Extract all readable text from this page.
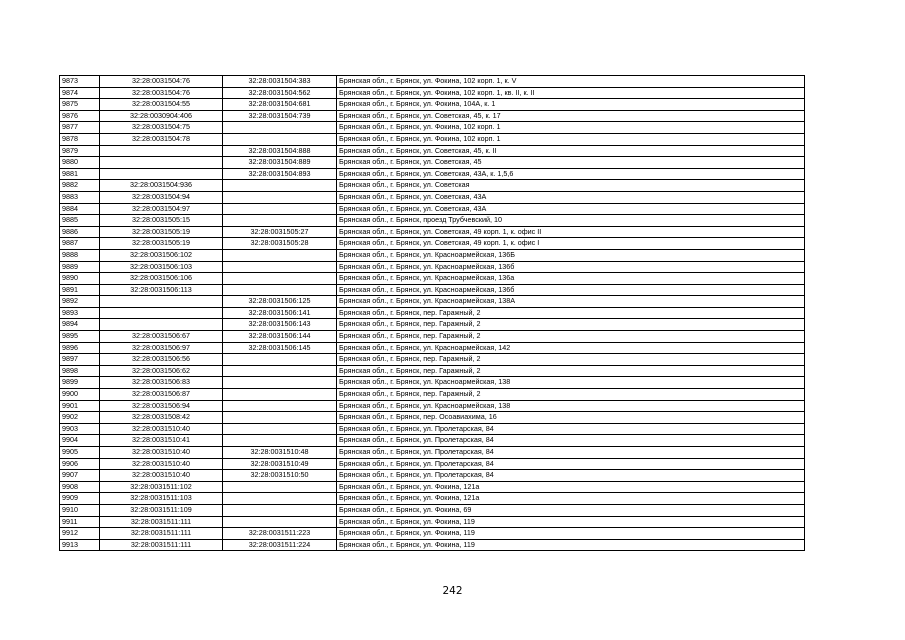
9873	32:28:0031504:76	32:28:0031504:383	Брянская обл., г. Брянск, ул. Фокина, 102 корп. 1, к. V
9874	32:28:0031504:76	32:28:0031504:562	Брянская обл., г. Брянск, ул. Фокина, 102 корп. 1, кв. II, к. II
9875	32:28:0031504:55	32:28:0031504:681	Брянская обл., г. Брянск, ул. Фокина, 104А, к. 1
9876	32:28:0030904:406	32:28:0031504:739	Брянская обл., г. Брянск, ул. Советская, 45, к. 17
9877	32:28:0031504:75		Брянская обл., г. Брянск, ул. Фокина, 102 корп. 1
9878	32:28:0031504:78		Брянская обл., г. Брянск, ул. Фокина, 102 корп. 1
9879		32:28:0031504:888	Брянская обл., г. Брянск, ул. Советская, 45, к. II
9880		32:28:0031504:889	Брянская обл., г. Брянск, ул. Советская, 45
9881		32:28:0031504:893	Брянская обл., г. Брянск, ул. Советская, 43А, к. 1,5,6
9882	32:28:0031504:936		Брянская обл., г. Брянск, ул. Советская
9883	32:28:0031504:94		Брянская обл., г. Брянск, ул. Советская, 43А
9884	32:28:0031504:97		Брянская обл., г. Брянск, ул. Советская, 43А
9885	32:28:0031505:15		Брянская обл., г. Брянск, проезд Трубчевский, 10
9886	32:28:0031505:19	32:28:0031505:27	Брянская обл., г. Брянск, ул. Советская, 49 корп. 1, к. офис II
9887	32:28:0031505:19	32:28:0031505:28	Брянская обл., г. Брянск, ул. Советская, 49 корп. 1, к. офис I
9888	32:28:0031506:102		Брянская обл., г. Брянск, ул. Красноармейская, 136Б
9889	32:28:0031506:103		Брянская обл., г. Брянск, ул. Красноармейская, 136б
9890	32:28:0031506:106		Брянская обл., г. Брянск, ул. Красноармейская, 136а
9891	32:28:0031506:113		Брянская обл., г. Брянск, ул. Красноармейская, 136б
9892		32:28:0031506:125	Брянская обл., г. Брянск, ул. Красноармейская, 138А
9893		32:28:0031506:141	Брянская обл., г. Брянск, пер. Гаражный, 2
9894		32:28:0031506:143	Брянская обл., г. Брянск, пер. Гаражный, 2
9895	32:28:0031506:67	32:28:0031506:144	Брянская обл., г. Брянск, пер. Гаражный, 2
9896	32:28:0031506:97	32:28:0031506:145	Брянская обл., г. Брянск, ул. Красноармейская, 142
9897	32:28:0031506:56		Брянская обл., г. Брянск, пер. Гаражный, 2
9898	32:28:0031506:62		Брянская обл., г. Брянск, пер. Гаражный, 2
9899	32:28:0031506:83		Брянская обл., г. Брянск, ул. Красноармейская, 138
9900	32:28:0031506:87		Брянская обл., г. Брянск, пер. Гаражный, 2
9901	32:28:0031506:94		Брянская обл., г. Брянск, ул. Красноармейская, 138
9902	32:28:0031508:42		Брянская обл., г. Брянск, пер. Осоавиахима, 16
9903	32:28:0031510:40		Брянская обл., г. Брянск, ул. Пролетарская, 84
9904	32:28:0031510:41		Брянская обл., г. Брянск, ул. Пролетарская, 84
9905	32:28:0031510:40	32:28:0031510:48	Брянская обл., г. Брянск, ул. Пролетарская, 84
9906	32:28:0031510:40	32:28:0031510:49	Брянская обл., г. Брянск, ул. Пролетарская, 84
9907	32:28:0031510:40	32:28:0031510:50	Брянская обл., г. Брянск, ул. Пролетарская, 84
9908	32:28:0031511:102		Брянская обл., г. Брянск, ул. Фокина, 121а
9909	32:28:0031511:103		Брянская обл., г. Брянск, ул. Фокина, 121а
9910	32:28:0031511:109		Брянская обл., г. Брянск, ул. Фокина, 69
9911	32:28:0031511:111		Брянская обл., г. Брянск, ул. Фокина, 119
9912	32:28:0031511:111	32:28:0031511:223	Брянская обл., г. Брянск, ул. Фокина, 119
9913	32:28:0031511:111	32:28:0031511:224	Брянская обл., г. Брянск, ул. Фокина, 119
242
